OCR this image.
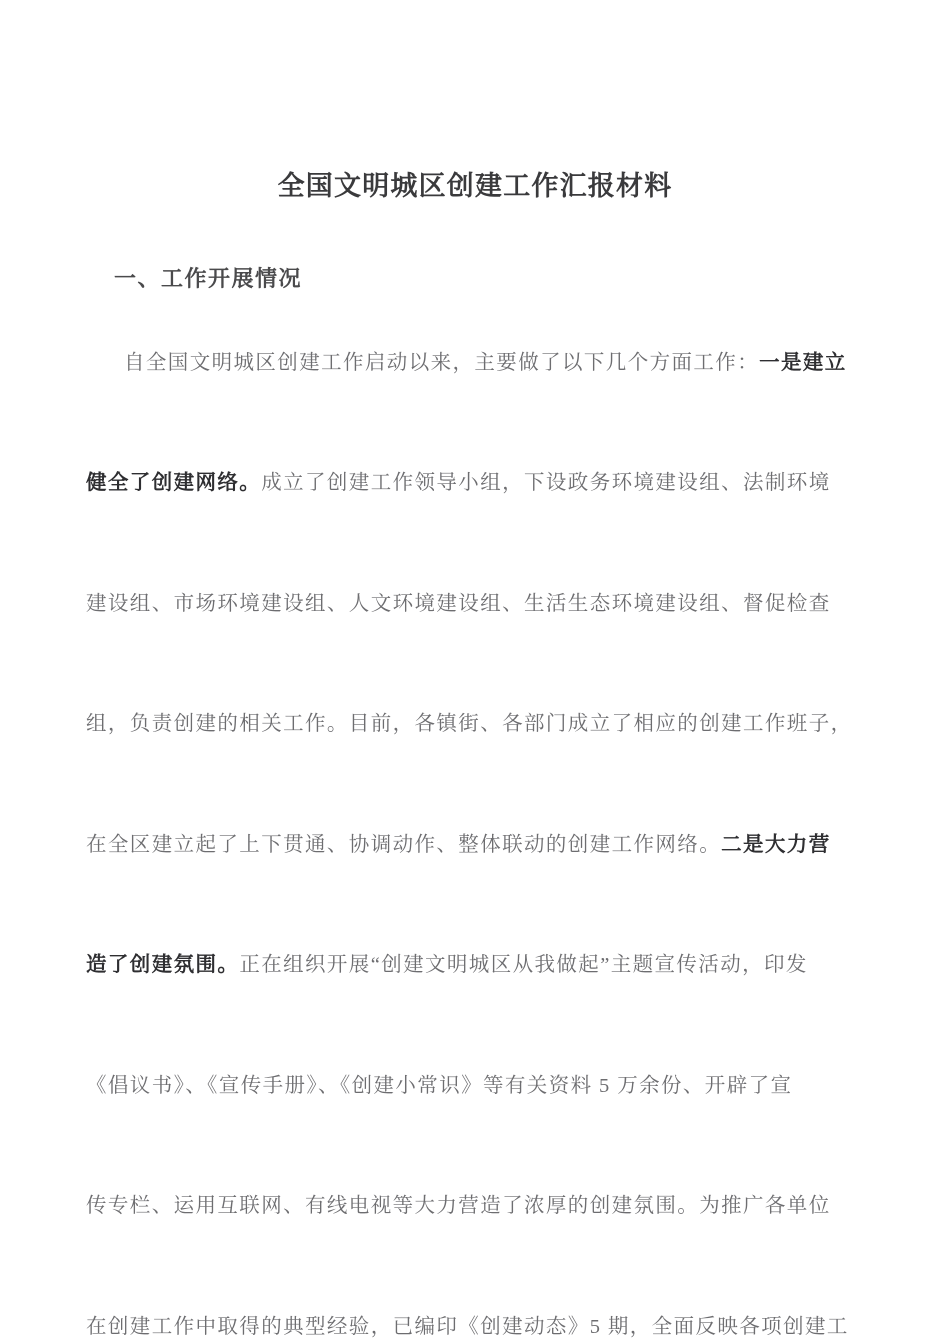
全国文明城区创建工作汇报材料
一、工作开展情况

自全国文明城区创建工作启动以来，主要做了以下几个方面工作：一是建立

健全了创建网络。成立了创建工作领导小组，下设政务环境建设组、法制环境

建设组、市场环境建设组、人文环境建设组、生活生态环境建设组、督促检查

组，负责创建的相关工作。目前，各镇街、各部门成立了相应的创建工作班子，

在全区建立起了上下贯通、协调动作、整体联动的创建工作网络。二是大力营

造了创建氛围。正在组织开展“创建文明城区从我做起”主题宣传活动，印发

《倡议书》、《宣传手册》、《创建小常识》等有关资料 5 万余份、开辟了宣

传专栏、运用互联网、有线电视等大力营造了浓厚的创建氛围。为推广各单位

在创建工作中取得的典型经验，已编印《创建动态》5 期，全面反映各项创建工
